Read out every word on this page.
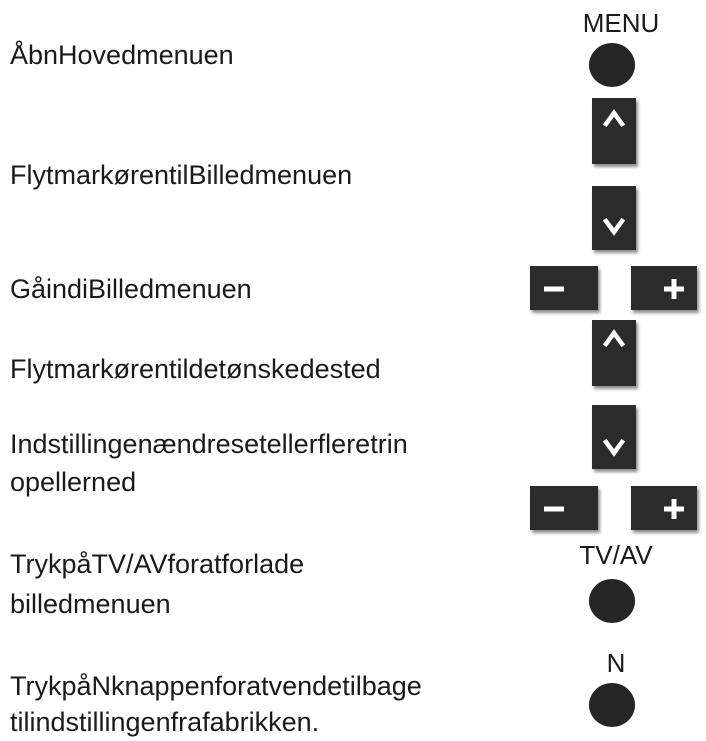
ÅbnHovedmenuen
FlytmarkørentilBilledmenuen
GåindiBilledmenuen
Flytmarkørentildetønskedested
Indstillingenændresetellerfleretrin
opellerned
TrykpåTV/AVforatforlade
billedmenuen
TrykpåNknappenforatvendetilbage
tilindstillingenfrafabrikken.
MENU
TV/AV
N
